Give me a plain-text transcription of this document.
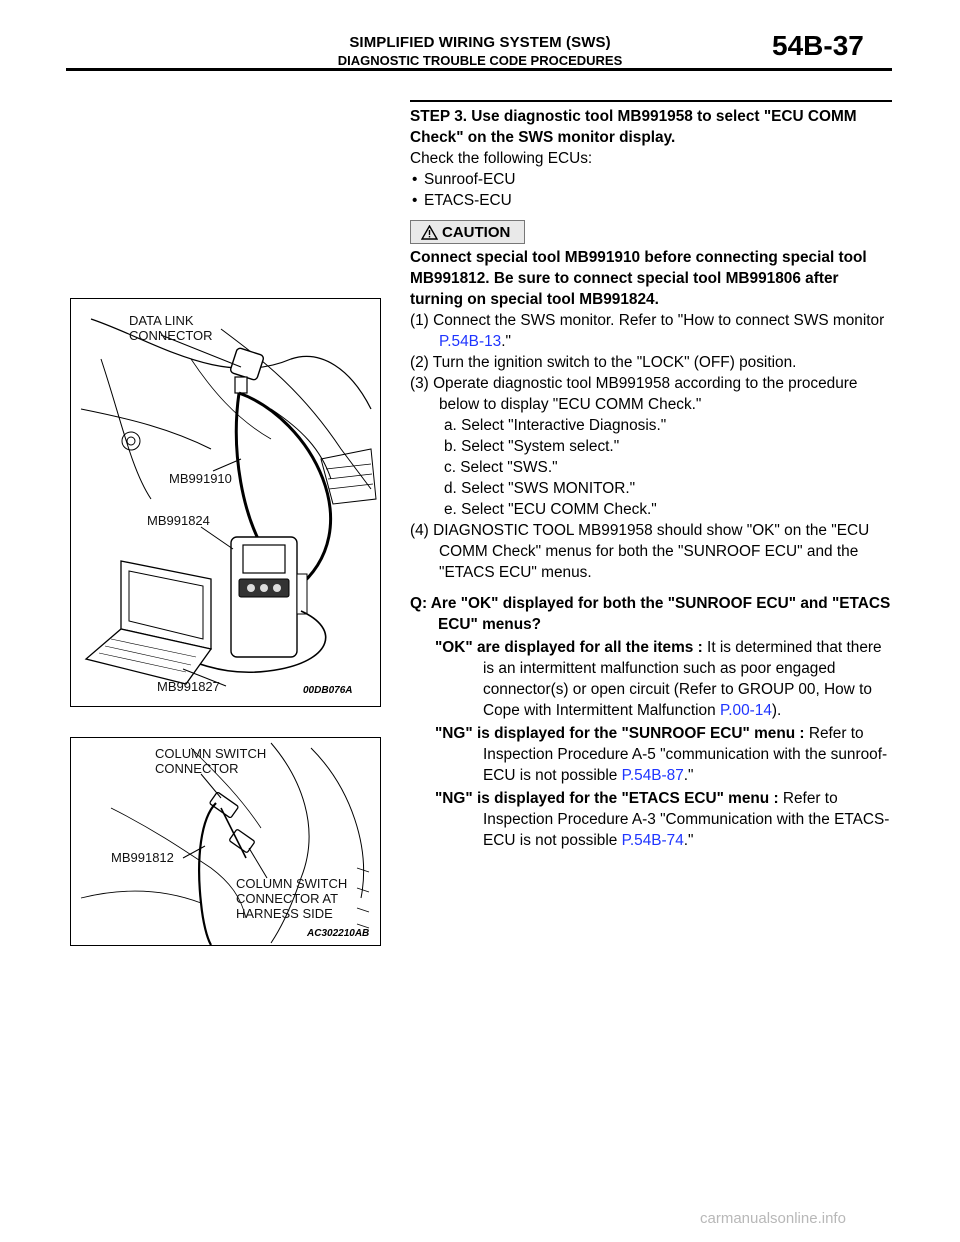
SIMPLIFIED WIRING SYSTEM (SWS)
DIAGNOSTIC TROUBLE CODE PROCEDURES	54B-37

STEP 3. Use diagnostic tool MB991958 to select "ECU COMM Check" on the SWS monitor display.

Check the following ECUs:

• Sunroof-ECU
• ETACS-ECU
CAUTION

Connect special tool MB991910 before connecting special tool MB991812. Be sure to connect special tool MB991806 after turning on special tool MB991824.

(1) Connect the SWS monitor. Refer to "How to connect SWS monitor P.54B-13."

(2) Turn the ignition switch to the "LOCK" (OFF) position.

(3) Operate diagnostic tool MB991958 according to the procedure below to display "ECU COMM Check."

a. Select "Interactive Diagnosis."

b. Select "System select."

c. Select "SWS."

d. Select "SWS MONITOR."

e. Select "ECU COMM Check."

(4) DIAGNOSTIC TOOL MB991958 should show "OK" on the "ECU COMM Check" menus for both the "SUNROOF ECU" and the "ETACS ECU" menus.

Q: Are "OK" displayed for both the "SUNROOF ECU" and "ETACS ECU" menus?

"OK" are displayed for all the items : It is determined that there is an intermittent malfunction such as poor engaged connector(s) or open circuit (Refer to GROUP 00, How to Cope with Intermittent Malfunction P.00-14).

"NG" is displayed for the "SUNROOF ECU" menu : Refer to Inspection Procedure A-5 "communication with the sunroof-ECU is not possible P.54B-87."

"NG" is displayed for the "ETACS ECU" menu : Refer to Inspection Procedure A-3 "Communication with the ETACS-ECU is not possible P.54B-74."

DATA LINK
CONNECTOR
MB991910
MB991824
MB991827	00DB076A
COLUMN SWITCH
CONNECTOR
MB991812
COLUMN SWITCH
CONNECTOR AT
HARNESS SIDE
AC302210AB
carmanualsonline.info
